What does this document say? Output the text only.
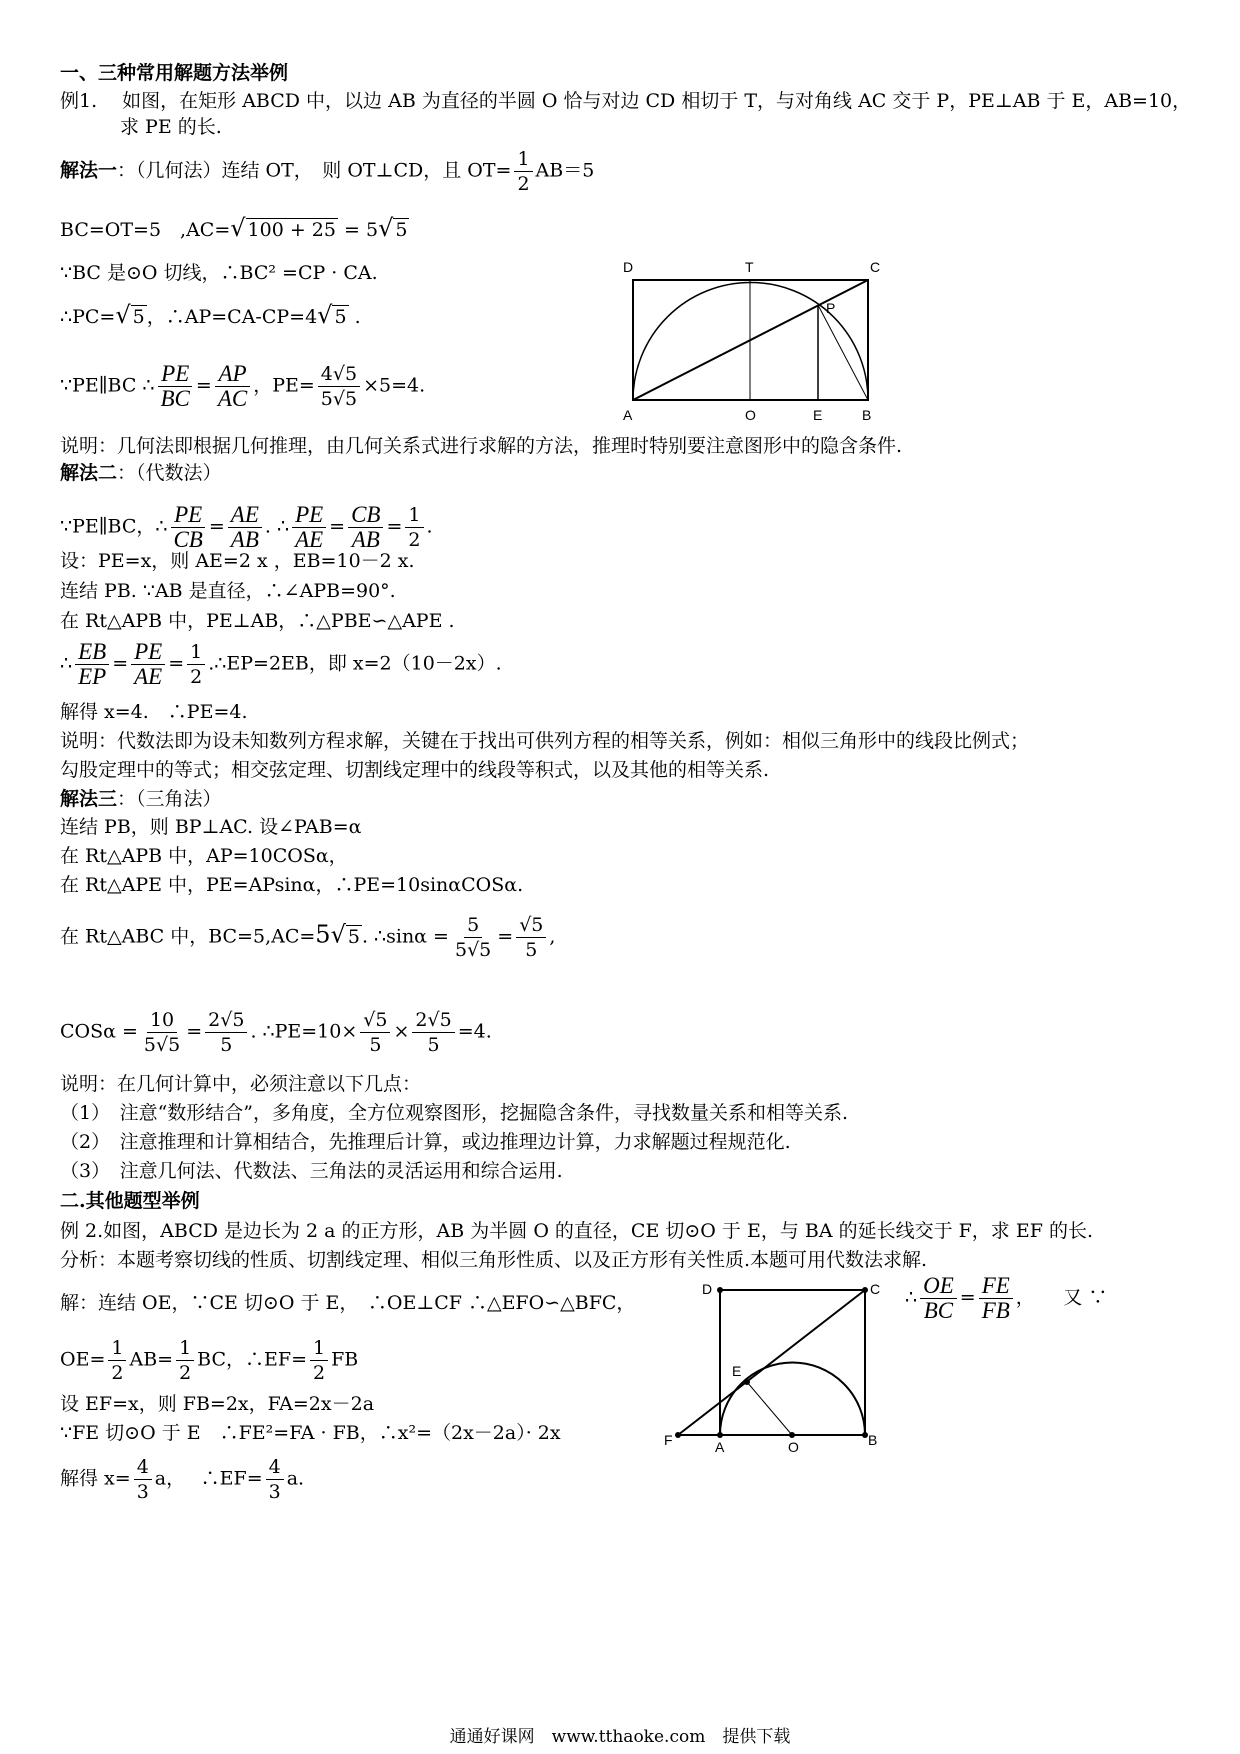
一、三种常用解题方法举例
例1.　 如图，在矩形 ABCD 中，以边 AB 为直径的半圆 O 恰与对边 CD 相切于 T，与对角线 AC 交于 P，PE⊥AB 于 E，AB=10，
求 PE 的长.
解法一：（几何法）连结 OT，　则 OT⊥CD，且 $OT= \frac{1}{2} AB=5$
BC=OT=5　,AC=√ 100 + 25 = 5√ 5
∵BC 是⊙O 切线，∴BC² =CP · CA.
∴PC=√ 5 ，∴AP=CA-CP=4√ 5 .
∵PE∥BC ∴ $\frac{PE}{BC} = \frac{AP}{AC}$ ，$PE= \frac{4√5}{5√5} \times 5=4$.
D	T	C
P
A	O	E	B
说明：几何法即根据几何推理，由几何关系式进行求解的方法，推理时特别要注意图形中的隐含条件.
解法二：（代数法）
∵PE∥BC，∴ $\frac{PE}{CB} = \frac{AE}{AB}$ . ∴ $\frac{PE}{AE} = \frac{CB}{AB} = \frac{1}{2}$ .
设：PE=x，则 AE=2 x ，EB=10－2 x.
连结 PB. ∵AB 是直径，∴∠APB=90°.
在 Rt△APB 中，PE⊥AB，∴△PBE∽△APE .
∴ $\frac{EB}{EP} = \frac{PE}{AE} = \frac{1}{2}$ .∴EP=2EB，即 x=2（10－2x）.
解得 x=4.　∴PE=4.
说明：代数法即为设未知数列方程求解，关键在于找出可供列方程的相等关系，例如：相似三角形中的线段比例式；
勾股定理中的等式；相交弦定理、切割线定理中的线段等积式，以及其他的相等关系.
解法三：（三角法）
连结 PB，则 BP⊥AC. 设∠PAB=α
在 Rt△APB 中，AP=10COSα，
在 Rt△APE 中，PE=APsinα，∴PE=10sinαCOSα.
在 Rt△ABC 中，BC=5,AC=5√ 5 . ∴sinα = $\frac{5}{5√5} = \frac{√5}{5}$ ,
$COS\alpha = \frac{10}{5√5} = \frac{2√5}{5}$ . ∴PE=10× $\frac{√5}{5} \times \frac{2√5}{5} =4$.
说明：在几何计算中，必须注意以下几点：
（1）　注意“数形结合”，多角度，全方位观察图形，挖掘隐含条件，寻找数量关系和相等关系.
（2）　注意推理和计算相结合，先推理后计算，或边推理边计算，力求解题过程规范化.
（3）　注意几何法、代数法、三角法的灵活运用和综合运用.
二.其他题型举例
例 2.如图，ABCD 是边长为 2 a 的正方形，AB 为半圆 O 的直径，CE 切⊙O 于 E，与 BA 的延长线交于 F，求 EF 的长.
分析：本题考察切线的性质、切割线定理、相似三角形性质、以及正方形有关性质.本题可用代数法求解.
解：连结 OE，∵CE 切⊙O 于 E，　∴OE⊥CF ∴△EFO∽△BFC，	∴ $\frac{OE}{BC} = \frac{FE}{FB}$ ，　　又 ∵
$OE= \frac{1}{2} AB= \frac{1}{2}$ BC，∴EF= $\frac{1}{2}$ FB
设 EF=x，则 FB=2x，FA=2x－2a
∵FE 切⊙O 于 E　∴FE²=FA · FB，∴x²=（2x－2a）· 2x
解得 $x= \frac{4}{3}$ a，　 ∴EF= $\frac{4}{3} a$.
D	C
E
F	A	O	B
通通好课网　www.tthaoke.com　提供下载
